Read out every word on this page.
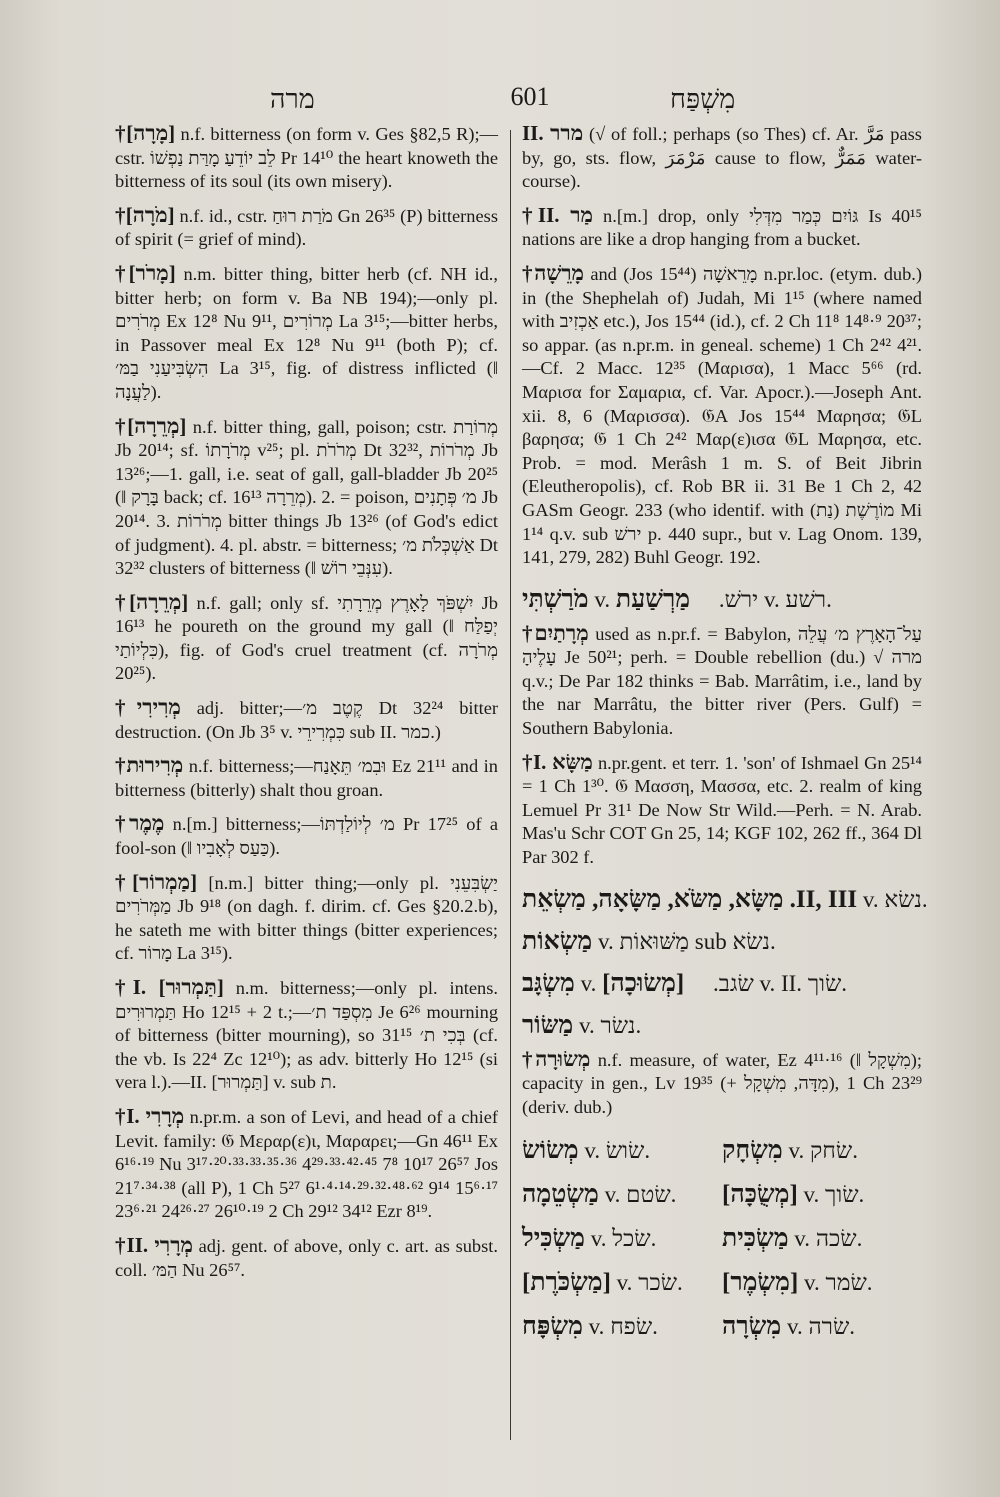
מרה	601	מִשְׁפַּח
†[מָרָה] n.f. bitterness (on form v. Ges §82,5 R);—cstr. לֵב יוֹדֵעַ מָרַּת נַפְשׁוֹ Pr 14¹⁰ the heart knoweth the bitterness of its soul (its own misery).
†[מֹרָה] n.f. id., cstr. מֹרַת רוּחַ Gn 26³⁵ (P) bitterness of spirit (= grief of mind).
†[מָרֹר] n.m. bitter thing, bitter herb (cf. NH id., bitter herb; on form v. Ba NB 194);—only pl. מְרֹרִים Ex 12⁸ Nu 9¹¹, מְרוֹרִים La 3¹⁵;—bitter herbs, in Passover meal Ex 12⁸ Nu 9¹¹ (both P); cf. הִשְׂבִּיעַנִי בַמּ׳ La 3¹⁵, fig. of distress inflicted (‖ לַעֲנָה).
†[מְרֵרָה] n.f. bitter thing, gall, poison; cstr. מְרוֹרַת Jb 20¹⁴; sf. מְרֹרָתוֹ v²⁵; pl. מְרֹרֹת Dt 32³², מְרֹרוֹת Jb 13²⁶;—1. gall, i.e. seat of gall, gall-bladder Jb 20²⁵ (‖ בָּרָק back; cf. מְרֵרָה 16¹³). 2. = poison, מ׳ פְּתָנִים Jb 20¹⁴. 3. מְרֹרוֹת bitter things Jb 13²⁶ (of God's edict of judgment). 4. pl. abstr. = bitterness; אַשְׁכְּלֹת מ׳ Dt 32³² clusters of bitterness (‖ עִנְּבֵי רוֹשׁ).
†[מְרֵרָה] n.f. gall; only sf. יִשְׁפֹּךְ לָאָרֶץ מְרֵרָתִי Jb 16¹³ he poureth on the ground my gall (‖ יְפַלַּח כִּלְיוֹתַי), fig. of God's cruel treatment (cf. מְרֹרָה 20²⁵).
†מְרִירִי adj. bitter;—קֶטֶב מ׳ Dt 32²⁴ bitter destruction. (On Jb 3⁵ v. כִּמְרִירֵי sub II. כמר.)
†מְרִירוּת n.f. bitterness;—וּבִמ׳ תֵּאָנַח Ez 21¹¹ and in bitterness (bitterly) shalt thou groan.
†מֶמֶר n.[m.] bitterness;—מ׳ לְיוֹלַדְתּוֹ Pr 17²⁵ of a fool-son (‖ כַּעַס לְאָבִיו).
†[מַמְרוֹר] [n.m.] bitter thing;—only pl. יַשְׂבִּעֵנִי מַמְּרֹרִים Jb 9¹⁸ (on dagh. f. dirim. cf. Ges §20.2.b), he sateth me with bitter things (bitter experiences; cf. מָרוֹר La 3¹⁵).
†I. [תַּמְרוּר] n.m. bitterness;—only pl. intens. תַּמְרוּרִים Ho 12¹⁵ + 2 t.;—מִסְפַּד ת׳ Je 6²⁶ mourning of bitterness (bitter mourning), so בְּכִי ת׳ 31¹⁵ (cf. the vb. Is 22⁴ Zc 12¹⁰); as adv. bitterly Ho 12¹⁵ (si vera l.).—II. [תַּמְרוּר] v. sub ת.
†I. מְרָרִי n.pr.m. a son of Levi, and head of a chief Levit. family: 𝔊 Μεραρ(ε)ι, Μαραρει;—Gn 46¹¹ Ex 6¹⁶·¹⁹ Nu 3¹⁷·²⁰·³³·³³·³⁵·³⁶ 4²⁹·³³·⁴²·⁴⁵ 7⁸ 10¹⁷ 26⁵⁷ Jos 21⁷·³⁴·³⁸ (all P), 1 Ch 5²⁷ 6¹·⁴·¹⁴·²⁹·³²·⁴⁸·⁶² 9¹⁴ 15⁶·¹⁷ 23⁶·²¹ 24²⁶·²⁷ 26¹⁰·¹⁹ 2 Ch 29¹² 34¹² Ezr 8¹⁹.
†II. מְרָרִי adj. gent. of above, only c. art. as subst. coll. הַמּ׳ Nu 26⁵⁷.
II. מרר (√ of foll.; perhaps (so Thes) cf. Ar. مَرَّ pass by, go, sts. flow, مَرْمَرَ cause to flow, مَمَرٌّ water-course).
†II. מַר n.[m.] drop, only גּוֹיִם כְּמַר מִדְּלִי Is 40¹⁵ nations are like a drop hanging from a bucket.
†מָרֵשָׁה and (Jos 15⁴⁴) מָרֵאשָׁה n.pr.loc. (etym. dub.) in (the Shephelah of) Judah, Mi 1¹⁵ (where named with אַכְזִיב etc.), Jos 15⁴⁴ (id.), cf. 2 Ch 11⁸ 14⁸·⁹ 20³⁷; so appar. (as n.pr.m. in geneal. scheme) 1 Ch 2⁴² 4²¹.—Cf. 2 Macc. 12³⁵ (Μαρισα), 1 Macc 5⁶⁶ (rd. Μαρισα for Σαμαρια, cf. Var. Apocr.).—Joseph Ant. xii. 8, 6 (Μαρισσα). 𝔊A Jos 15⁴⁴ Μαρησα; 𝔊L βαρησα; 𝔊 1 Ch 2⁴² Μαρ(ε)ισα 𝔊L Μαρησα, etc. Prob. = mod. Merâsh 1 m. S. of Beit Jibrin (Eleutheropolis), cf. Rob BR ii. 31 Be 1 Ch 2, 42 GASm Geogr. 233 (who identif. with (נַת) מוֹרֶשֶׁת Mi 1¹⁴ q.v. sub ירשׁ p. 440 supr., but v. Lag Onom. 139, 141, 279, 282) Buhl Geogr. 192.
מֹרַשְׁתִּי v. ירשׁ.     מַרְשַׁעַת	v. רשׁע.
†מְרָתַיִם used as n.pr.f. = Babylon, עַל־הָאָרֶץ מ׳ עֲלֵה עָלֶיהָ Je 50²¹; perh. = Double rebellion (du.) √ מרה q.v.; De Par 182 thinks = Bab. Marrâtim, i.e., land by the nar Marrâtu, the bitter river (Pers. Gulf) = Southern Babylonia.
†I. מַשָּׂא n.pr.gent. et terr. 1. 'son' of Ishmael Gn 25¹⁴ = 1 Ch 1³⁰. 𝔊 Μασση, Μασσα, etc. 2. realm of king Lemuel Pr 31¹ De Now Str Wild.—Perh. = N. Arab. Mas'u Schr COT Gn 25, 14; KGF 102, 262 ff., 364 Dl Par 302 f.
II, III. מַשָּׂא, מַשֹּׂא, מַשָּׂאָה, מַשְׂאֵת v. נשׂא.
מַשְׂאוֹת v. מַשּׁוּאוֹת sub נשׂא.
מִשְׂגָּב v. שׂגב.     [מְשׂוּכָה]	v. II. שׂוך.
מַשּׂוֹר v. נשׂר.
†מְשׂוּרָה n.f. measure, of water, Ez 4¹¹·¹⁶ (‖ מִשְׁקָל); capacity in gen., Lv 19³⁵ (+ מִדָּה, מִשְׁקָל), 1 Ch 23²⁹ (deriv. dub.)
מְשׂוֹשׂ v. שׂושׂ.	מִשְׂחָק v. שׂחק.
מַשְׂטֵמָה v. שׂטם.	[מְשֻׂכָּה] v. שׂוך.
מַשְׂכִּיל v. שׂכל.	מַשְׂכִּית v. שׂכה.
[מַשְׂכֹּרֶת] v. שׂכר.	[מִשְׂמֶר] v. שׂמר.
מִשְׂפָּח v. שׂפח.	מִשְׂרָה v. שׂרה.
